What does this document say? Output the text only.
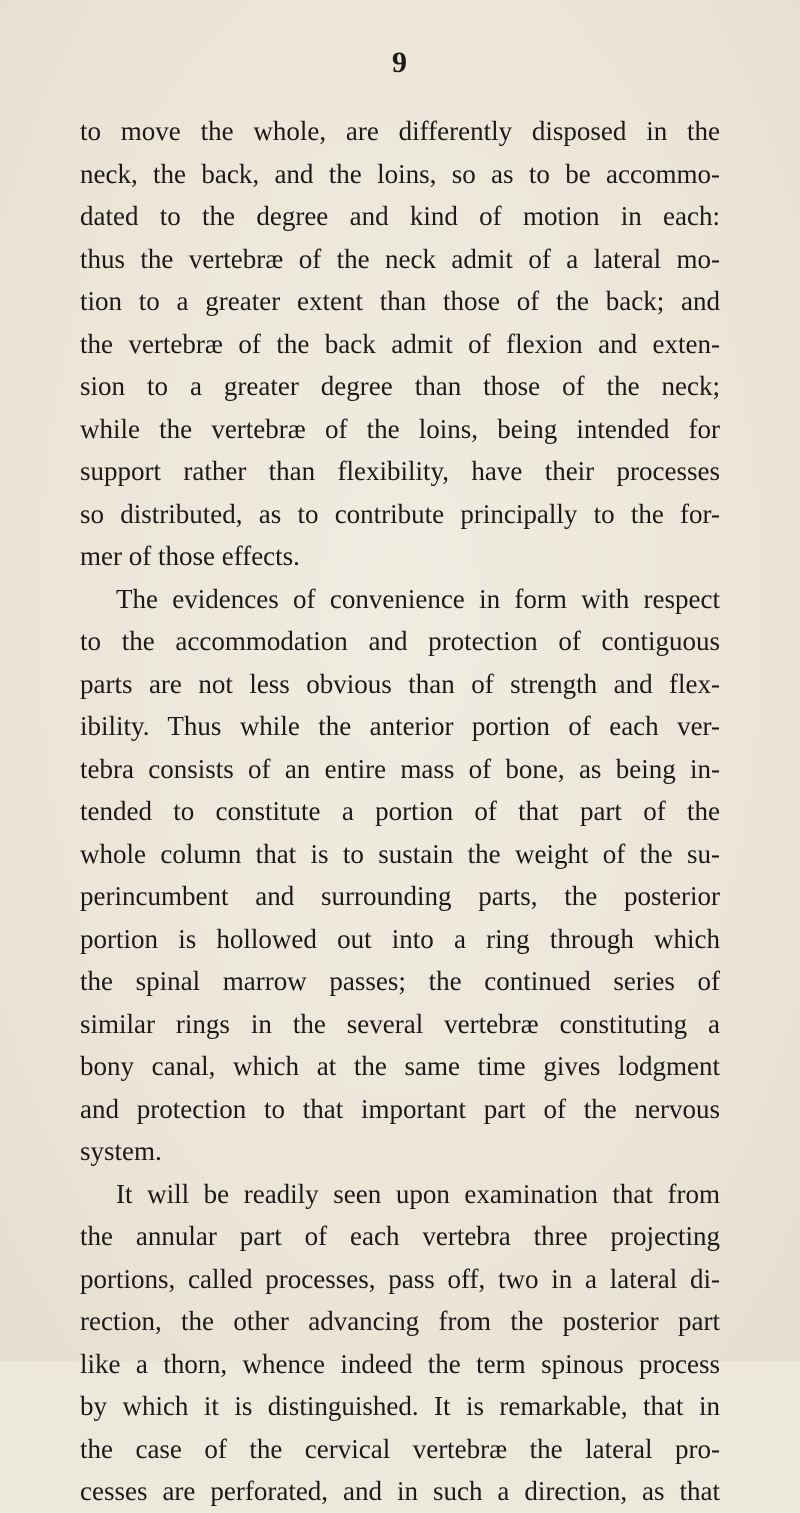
9
to move the whole, are differently disposed in the
neck, the back, and the loins, so as to be accommo-
dated to the degree and kind of motion in each:
thus the vertebræ of the neck admit of a lateral mo-
tion to a greater extent than those of the back; and
the vertebræ of the back admit of flexion and exten-
sion to a greater degree than those of the neck;
while the vertebræ of the loins, being intended for
support rather than flexibility, have their processes
so distributed, as to contribute principally to the for-
mer of those effects.
The evidences of convenience in form with respect
to the accommodation and protection of contiguous
parts are not less obvious than of strength and flex-
ibility. Thus while the anterior portion of each ver-
tebra consists of an entire mass of bone, as being in-
tended to constitute a portion of that part of the
whole column that is to sustain the weight of the su-
perincumbent and surrounding parts, the posterior
portion is hollowed out into a ring through which
the spinal marrow passes; the continued series of
similar rings in the several vertebræ constituting a
bony canal, which at the same time gives lodgment
and protection to that important part of the nervous
system.
It will be readily seen upon examination that from
the annular part of each vertebra three projecting
portions, called processes, pass off, two in a lateral di-
rection, the other advancing from the posterior part
like a thorn, whence indeed the term spinous process
by which it is distinguished. It is remarkable, that in
the case of the cervical vertebræ the lateral pro-
cesses are perforated, and in such a direction, as that
